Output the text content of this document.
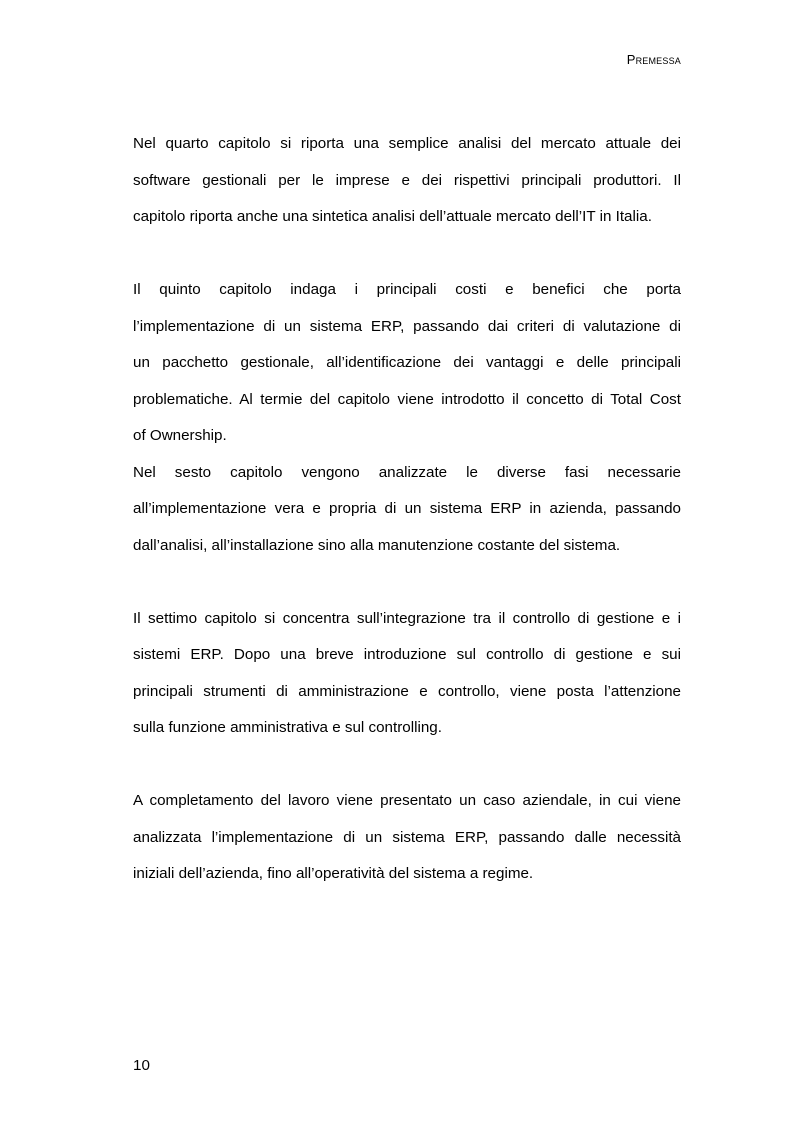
Premessa
Nel quarto capitolo si riporta una semplice analisi del mercato attuale dei
software gestionali per le imprese e dei rispettivi principali produttori. Il
capitolo riporta anche una sintetica analisi dell’attuale mercato dell’IT in Italia.
Il quinto capitolo indaga i principali costi e benefici che porta
l’implementazione di un sistema ERP, passando dai criteri di valutazione di
un pacchetto gestionale, all’identificazione dei vantaggi e delle principali
problematiche. Al termie del capitolo viene introdotto il concetto di Total Cost
of Ownership.
Nel sesto capitolo vengono analizzate le diverse fasi necessarie
all’implementazione vera e propria di un sistema ERP in azienda, passando
dall’analisi, all’installazione sino alla manutenzione costante del sistema.
Il settimo capitolo si concentra sull’integrazione tra il controllo di gestione e i
sistemi ERP. Dopo una breve introduzione sul controllo di gestione e sui
principali strumenti di amministrazione e controllo, viene posta l’attenzione
sulla funzione amministrativa e sul controlling.
A completamento del lavoro viene presentato un caso aziendale, in cui viene
analizzata l’implementazione di un sistema ERP, passando dalle necessità
iniziali dell’azienda, fino all’operatività del sistema a regime.
10
